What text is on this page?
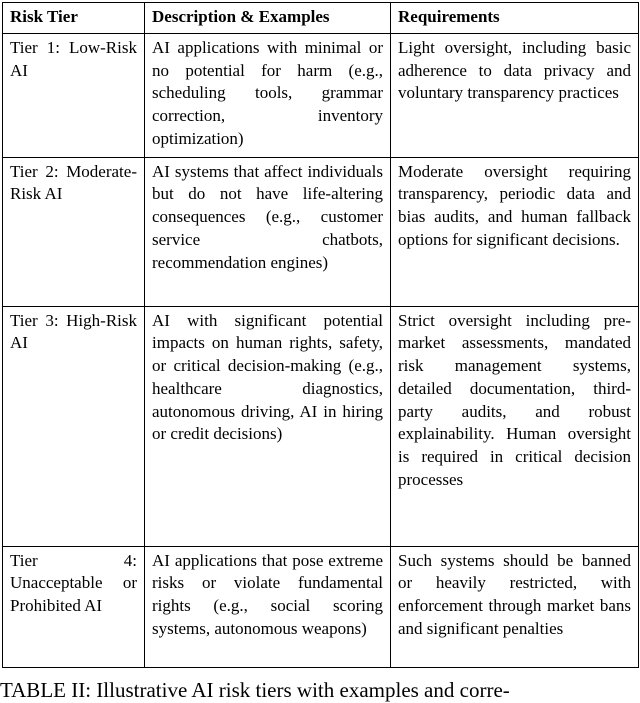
Risk Tier	Description & Examples	Requirements
Tier 1: Low-Risk AI	AI applications with minimal or no potential for harm (e.g., scheduling tools, grammar correction, inventory optimization)	Light oversight, including basic adherence to data privacy and voluntary transparency practices
Tier 2: Moderate-Risk AI	AI systems that affect individuals but do not have life-altering consequences (e.g., customer service chatbots, recommendation engines)	Moderate oversight requiring transparency, periodic data and bias audits, and human fallback options for significant decisions.
Tier 3: High-Risk AI	AI with significant potential impacts on human rights, safety, or critical decision-making (e.g., healthcare diagnostics, autonomous driving, AI in hiring or credit decisions)	Strict oversight including pre-market assessments, mandated risk management systems, detailed documentation, third-party audits, and robust explainability. Human oversight is required in critical decision processes
Tier 4: Unacceptable or Prohibited AI	AI applications that pose extreme risks or violate fundamental rights (e.g., social scoring systems, autonomous weapons)	Such systems should be banned or heavily restricted, with enforcement through market bans and significant penalties
TABLE II: Illustrative AI risk tiers with examples and corre-
